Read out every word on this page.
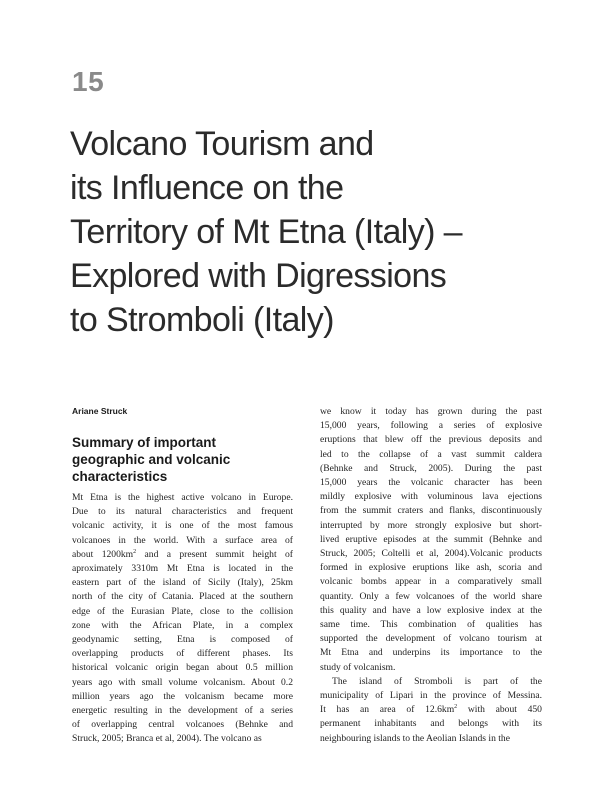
15
Volcano Tourism and
its Influence on the
Territory of Mt Etna (Italy) –
Explored with Digressions
to Stromboli (Italy)
Ariane Struck
Summary of important
geographic and volcanic
characteristics
Mt Etna is the highest active volcano in Europe.
Due to its natural characteristics and frequent
volcanic activity, it is one of the most famous
volcanoes in the world. With a surface area of
about $1200km^2$ and a present summit height of
aproximately 3310m Mt Etna is located in the
eastern part of the island of Sicily (Italy), 25km
north of the city of Catania. Placed at the southern
edge of the Eurasian Plate, close to the collision
zone with the African Plate, in a complex
geodynamic setting, Etna is composed of
overlapping products of different phases. Its
historical volcanic origin began about 0.5 million
years ago with small volume volcanism. About 0.2
million years ago the volcanism became more
energetic resulting in the development of a series
of overlapping central volcanoes (Behnke and
Struck, 2005; Branca et al, 2004). The volcano as
we know it today has grown during the past
15,000 years, following a series of explosive
eruptions that blew off the previous deposits and
led to the collapse of a vast summit caldera
(Behnke and Struck, 2005). During the past
15,000 years the volcanic character has been
mildly explosive with voluminous lava ejections
from the summit craters and flanks, discontinuously
interrupted by more strongly explosive but short-
lived eruptive episodes at the summit (Behnke and
Struck, 2005; Coltelli et al, 2004).Volcanic products
formed in explosive eruptions like ash, scoria and
volcanic bombs appear in a comparatively small
quantity. Only a few volcanoes of the world share
this quality and have a low explosive index at the
same time. This combination of qualities has
supported the development of volcano tourism at
Mt Etna and underpins its importance to the
study of volcanism.
The island of Stromboli is part of the
municipality of Lipari in the province of Messina.
It has an area of $12.6km^2$ with about 450
permanent inhabitants and belongs with its
neighbouring islands to the Aeolian Islands in the
